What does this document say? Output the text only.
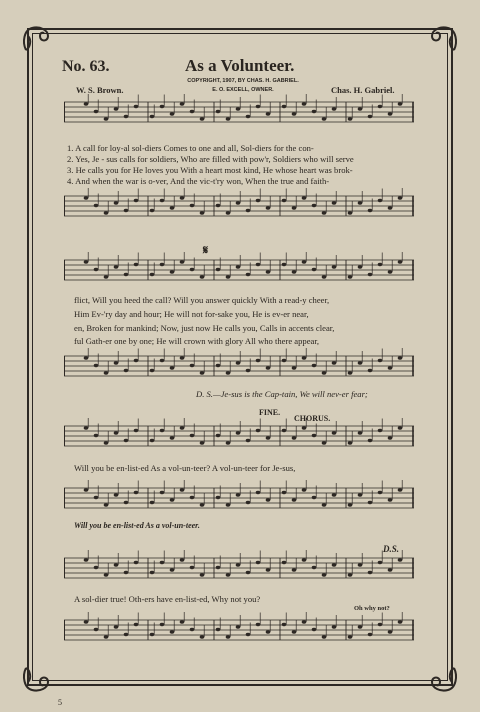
No. 63.	As a Volunteer.
COPYRIGHT, 1907, BY CHAS. H. GABRIEL.
E. O. EXCELL, OWNER.
W. S. Brown.	Chas. H. Gabriel.
1. A call for loy-al sol-diers Comes to one and all, Sol-diers for the con-
2. Yes, Je - sus calls for soldiers, Who are filled with pow'r, Soldiers who will serve
3. He calls you for He loves you With a heart most kind, He whose heart was brok-
4. And when the war is o-ver, And the vic-t'ry won, When the true and faith-
𝄋
flict, Will you heed the call? Will you answer quickly With a read-y cheer,
Him Ev-'ry day and hour; He will not for-sake you, He is ev-er near,
en, Broken for mankind; Now, just now He calls you, Calls in accents clear,
ful Gath-er one by one; He will crown with glory All who there appear,
D. S.—Je-sus is the Cap-tain, We will nev-er fear;
FINE.
CHORUS.
Will you be en-list-ed As a vol-un-teer? A vol-un-teer for Je-sus,
Will you be en-list-ed As a vol-un-teer.
D.S.
A sol-dier true! Oth-ers have en-list-ed, Why not you?
Oh why not?
5
